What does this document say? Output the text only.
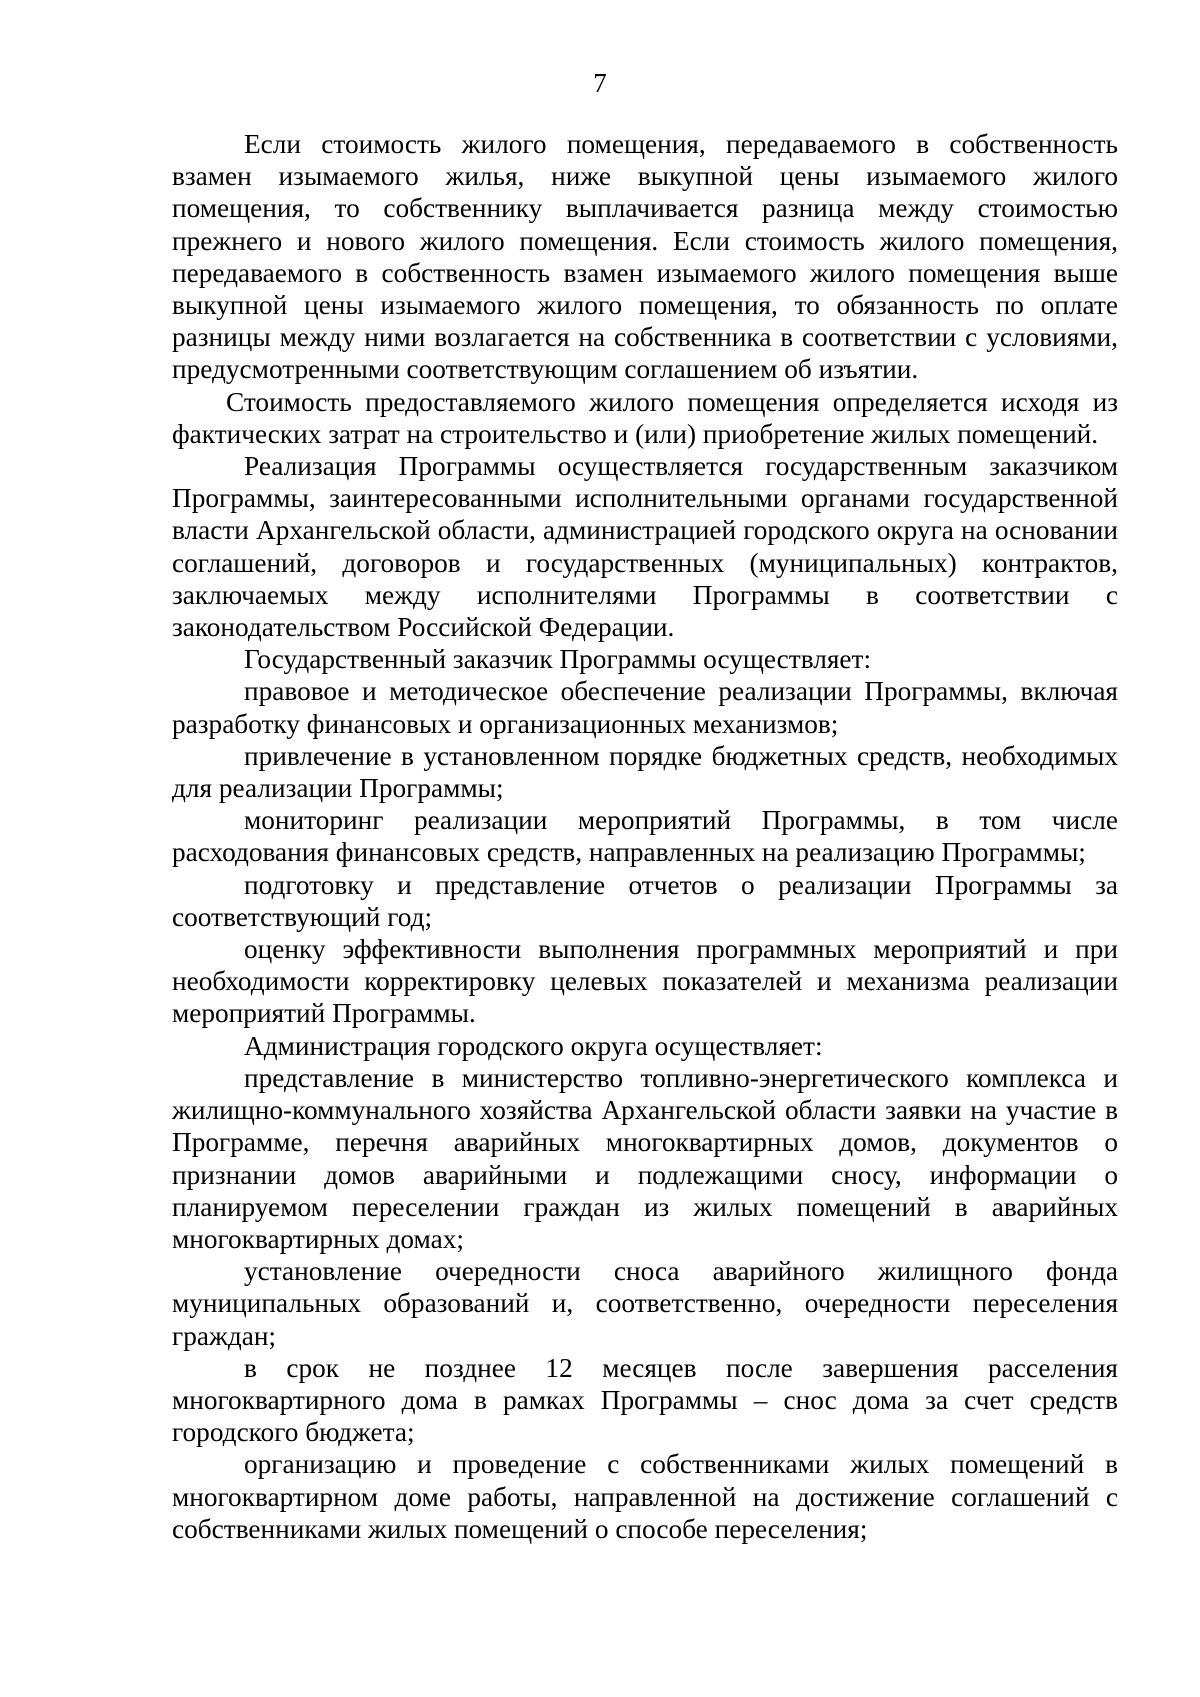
7

Если стоимость жилого помещения, передаваемого в собственность взамен изымаемого жилья, ниже выкупной цены изымаемого жилого помещения, то собственнику выплачивается разница между стоимостью прежнего и нового жилого помещения. Если стоимость жилого помещения, передаваемого в собственность взамен изымаемого жилого помещения выше выкупной цены изымаемого жилого помещения, то обязанность по оплате разницы между ними возлагается на собственника в соответствии с условиями, предусмотренными соответствующим соглашением об изъятии.

Стоимость предоставляемого жилого помещения определяется исходя из фактических затрат на строительство и (или) приобретение жилых помещений.

Реализация Программы осуществляется государственным заказчиком Программы, заинтересованными исполнительными органами государственной власти Архангельской области, администрацией городского округа на основании соглашений, договоров и государственных (муниципальных) контрактов, заключаемых между исполнителями Программы в соответствии с законодательством Российской Федерации.

Государственный заказчик Программы осуществляет:

правовое и методическое обеспечение реализации Программы, включая разработку финансовых и организационных механизмов;

привлечение в установленном порядке бюджетных средств, необходимых для реализации Программы;

мониторинг реализации мероприятий Программы, в том числе расходования финансовых средств, направленных на реализацию Программы;

подготовку и представление отчетов о реализации Программы за соответствующий год;

оценку эффективности выполнения программных мероприятий и при необходимости корректировку целевых показателей и механизма реализации мероприятий Программы.

Администрация городского округа осуществляет:

представление в министерство топливно-энергетического комплекса и жилищно-коммунального хозяйства Архангельской области заявки на участие в Программе, перечня аварийных многоквартирных домов, документов о признании домов аварийными и подлежащими сносу, информации о планируемом переселении граждан из жилых помещений в аварийных многоквартирных домах;

установление очередности сноса аварийного жилищного фонда муниципальных образований и, соответственно, очередности переселения граждан;

в срок не позднее 12 месяцев после завершения расселения многоквартирного дома в рамках Программы – снос дома за счет средств городского бюджета;

организацию и проведение с собственниками жилых помещений в многоквартирном доме работы, направленной на достижение соглашений с собственниками жилых помещений о способе переселения;
